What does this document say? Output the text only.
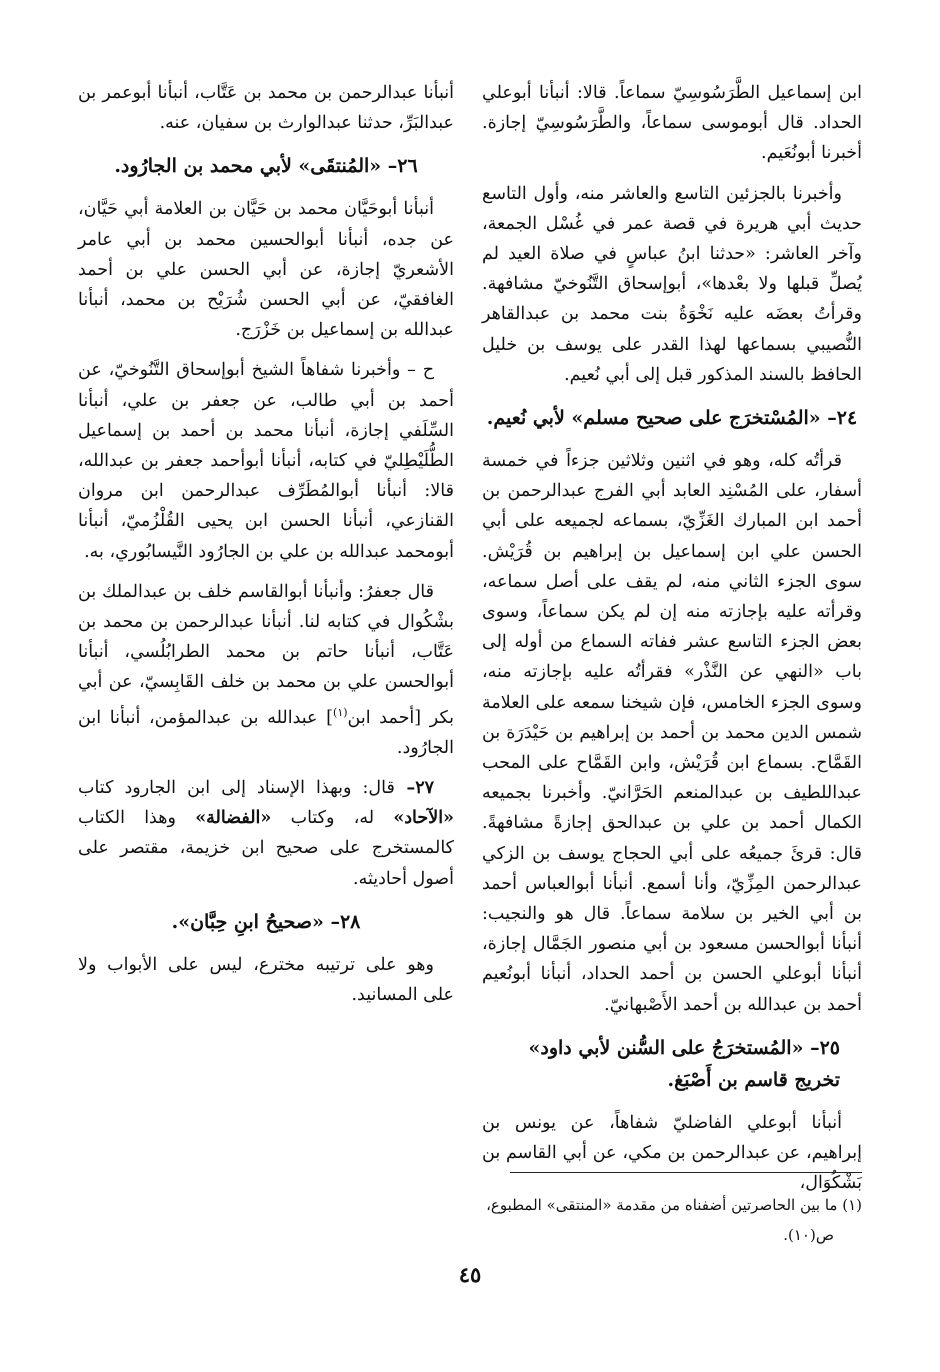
ابن إسماعيل الطَّرَسُوسِيّ سماعاً. قالا: أنبأنا أبوعلي الحداد. قال أبوموسى سماعاً، والطَّرَسُوسِيّ إجازة. أخبرنا أبونُعَيم.

وأخبرنا بالجزئين التاسع والعاشر منه، وأول التاسع حديث أبي هريرة في قصة عمر في غُسْل الجمعة، وآخر العاشر: «حدثنا ابنُ عباسٍ في صلاة العيد لم يُصلِّ قبلها ولا بعْدها»، أبوإسحاق التَّنُوخيّ مشافهة. وقرأتُ بعضَه عليه نَخْوَةُ بنت محمد بن عبدالقاهر النُّصيبي بسماعها لهذا القدر على يوسف بن خليل الحافظ بالسند المذكور قبل إلى أبي نُعيم.

٢٤– «المُسْتخرَج على صحيح مسلم» لأبي نُعيم.

قرأتُه كله، وهو في اثنين وثلاثين جزءاً في خمسة أسفار، على المُسْنِد العابد أبي الفرج عبدالرحمن بن أحمد ابن المبارك الغَزِّيّ، بسماعه لجميعه على أبي الحسن علي ابن إسماعيل بن إبراهيم بن قُرَيْش. سوى الجزء الثاني منه، لم يقف على أصل سماعه، وقرأته عليه بإجازته منه إن لم يكن سماعاً، وسوى بعض الجزء التاسع عشر ففاته السماع من أوله إلى باب «النهي عن النَّذْر» فقرأتُه عليه بإجازته منه، وسوى الجزء الخامس، فإن شيخنا سمعه على العلامة شمس الدين محمد بن أحمد بن إبراهيم بن حَيْدَرَة بن القَمَّاح. بسماع ابن قُرَيْش، وابن القَمَّاح على المحب عبداللطيف بن عبدالمنعم الحَرَّانيّ. وأخبرنا بجميعه الكمال أحمد بن علي بن عبدالحق إجازةً مشافهةً. قال: قرئَ جميعُه على أبي الحجاج يوسف بن الزكي عبدالرحمن المِزِّيّ، وأنا أسمع. أنبأنا أبوالعباس أحمد بن أبي الخير بن سلامة سماعاً. قال هو والنجيب: أنبأنا أبوالحسن مسعود بن أبي منصور الجَمَّال إجازة، أنبأنا أبوعلي الحسن بن أحمد الحداد، أنبأنا أبونُعيم أحمد بن عبدالله بن أحمد الأَصْبهانيّ.

٢٥– «المُستخرَجُ على السُّنن لأبي داود» تخريج قاسم بن أَصْبَغ.

أنبأنا أبوعلي الفاضليّ شفاهاً، عن يونس بن إبراهيم، عن عبدالرحمن بن مكي، عن أبي القاسم بن بَشْكُوَال،

أنبأنا عبدالرحمن بن محمد بن عَتَّاب، أنبأنا أبوعمر بن عبدالبَرِّ، حدثنا عبدالوارث بن سفيان، عنه.

٢٦– «المُنتقَى» لأبي محمد بن الجارُود.

أنبأنا أبوحَيَّان محمد بن حَيَّان بن العلامة أبي حَيَّان، عن جده، أنبأنا أبوالحسين محمد بن أبي عامر الأشعريّ إجازة، عن أبي الحسن علي بن أحمد الغافقيّ، عن أبي الحسن شُرَيْح بن محمد، أنبأنا عبدالله بن إسماعيل بن خَزْرَج.

ح – وأخبرنا شفاهاً الشيخ أبوإسحاق التَّنُوخيّ، عن أحمد بن أبي طالب، عن جعفر بن علي، أنبأنا السِّلَفي إجازة، أنبأنا محمد بن أحمد بن إسماعيل الطُّلَيْطِليّ في كتابه، أنبأنا أبوأحمد جعفر بن عبدالله، قالا: أنبأنا أبوالمُطَرِّف عبدالرحمن ابن مروان القنازعي، أنبأنا الحسن ابن يحيى القُلْزُميّ، أنبأنا أبومحمد عبدالله بن علي بن الجارُود النَّيسابُوري، به.

قال جعفرُ: وأنبأنا أبوالقاسم خلف بن عبدالملك بن بشْكُوال في كتابه لنا. أنبأنا عبدالرحمن بن محمد بن عَتَّاب، أنبأنا حاتم بن محمد الطرابُلُسي، أنبأنا أبوالحسن علي بن محمد بن خلف القَابِسيّ، عن أبي بكر [أحمد ابن$^{(١)}$] عبدالله بن عبدالمؤمن، أنبأنا ابن الجارُود.

٢٧– قال: وبهذا الإسناد إلى ابن الجارود كتاب «الآحاد» له، وكتاب «الفضالة» وهذا الكتاب كالمستخرج على صحيح ابن خزيمة، مقتصر على أصول أحاديثه.

٢٨– «صحيحُ ابنِ حِبَّان».

وهو على ترتيبه مخترع، ليس على الأبواب ولا على المسانيد.

(١) ما بين الحاصرتين أضفناه من مقدمة «المنتقى» المطبوع،
ص(١٠).
٤٥
